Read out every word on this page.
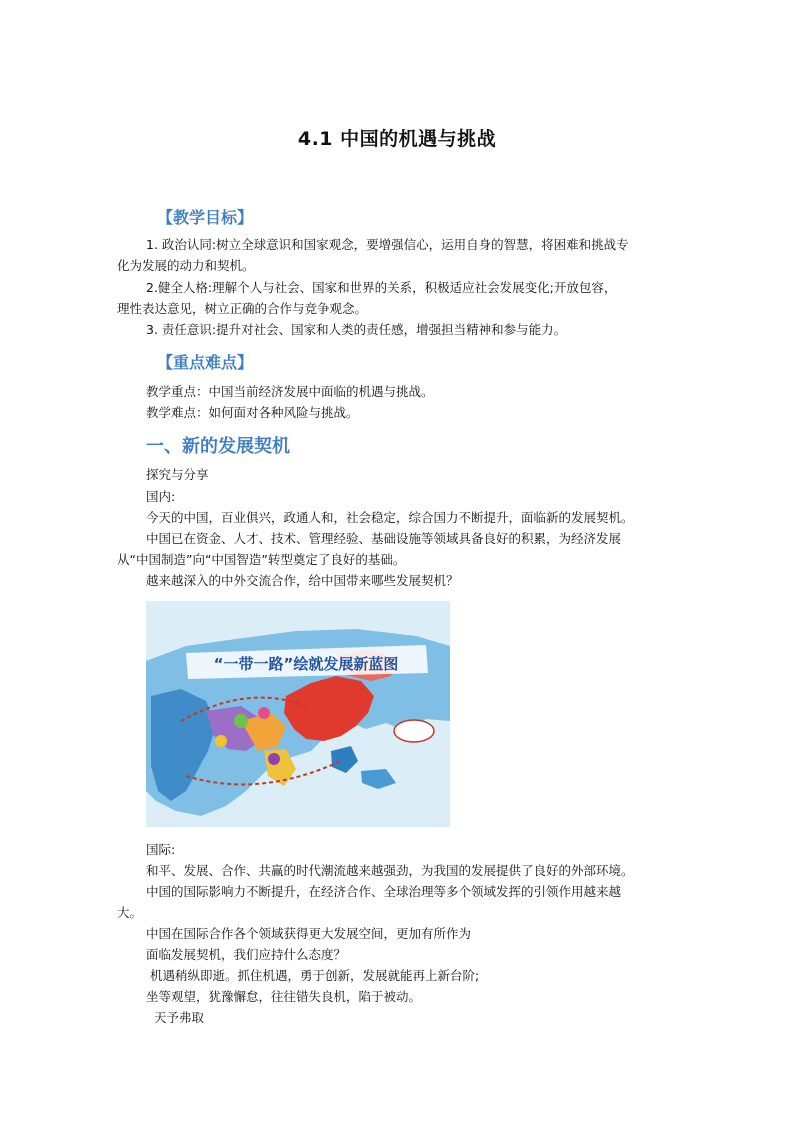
4.1 中国的机遇与挑战
【教学目标】
1. 政治认同:树立全球意识和国家观念，要增强信心，运用自身的智慧，将困难和挑战专
化为发展的动力和契机。
2.健全人格:理解个人与社会、国家和世界的关系，积极适应社会发展变化;开放包容，
理性表达意见，树立正确的合作与竞争观念。
3. 责任意识:提升对社会、国家和人类的责任感，增强担当精神和参与能力。
【重点难点】
教学重点：中国当前经济发展中面临的机遇与挑战。
教学难点：如何面对各种风险与挑战。
一、新的发展契机
探究与分享
国内:
今天的中国，百业俱兴，政通人和，社会稳定，综合国力不断提升，面临新的发展契机。
中国已在资金、人才、技术、管理经验、基础设施等领域具备良好的积累，为经济发展
从“中国制造”向“中国智造”转型奠定了良好的基础。
越来越深入的中外交流合作，给中国带来哪些发展契机？
“一带一路”绘就发展新蓝图
国际:
和平、发展、合作、共赢的时代潮流越来越强劲，为我国的发展提供了良好的外部环境。
中国的国际影响力不断提升，在经济合作、全球治理等多个领域发挥的引领作用越来越
大。
中国在国际合作各个领域获得更大发展空间，更加有所作为
面临发展契机，我们应持什么态度？
机遇稍纵即逝。抓住机遇，勇于创新，发展就能再上新台阶;
坐等观望，犹豫懈怠，往往错失良机，陷于被动。
天予弗取
